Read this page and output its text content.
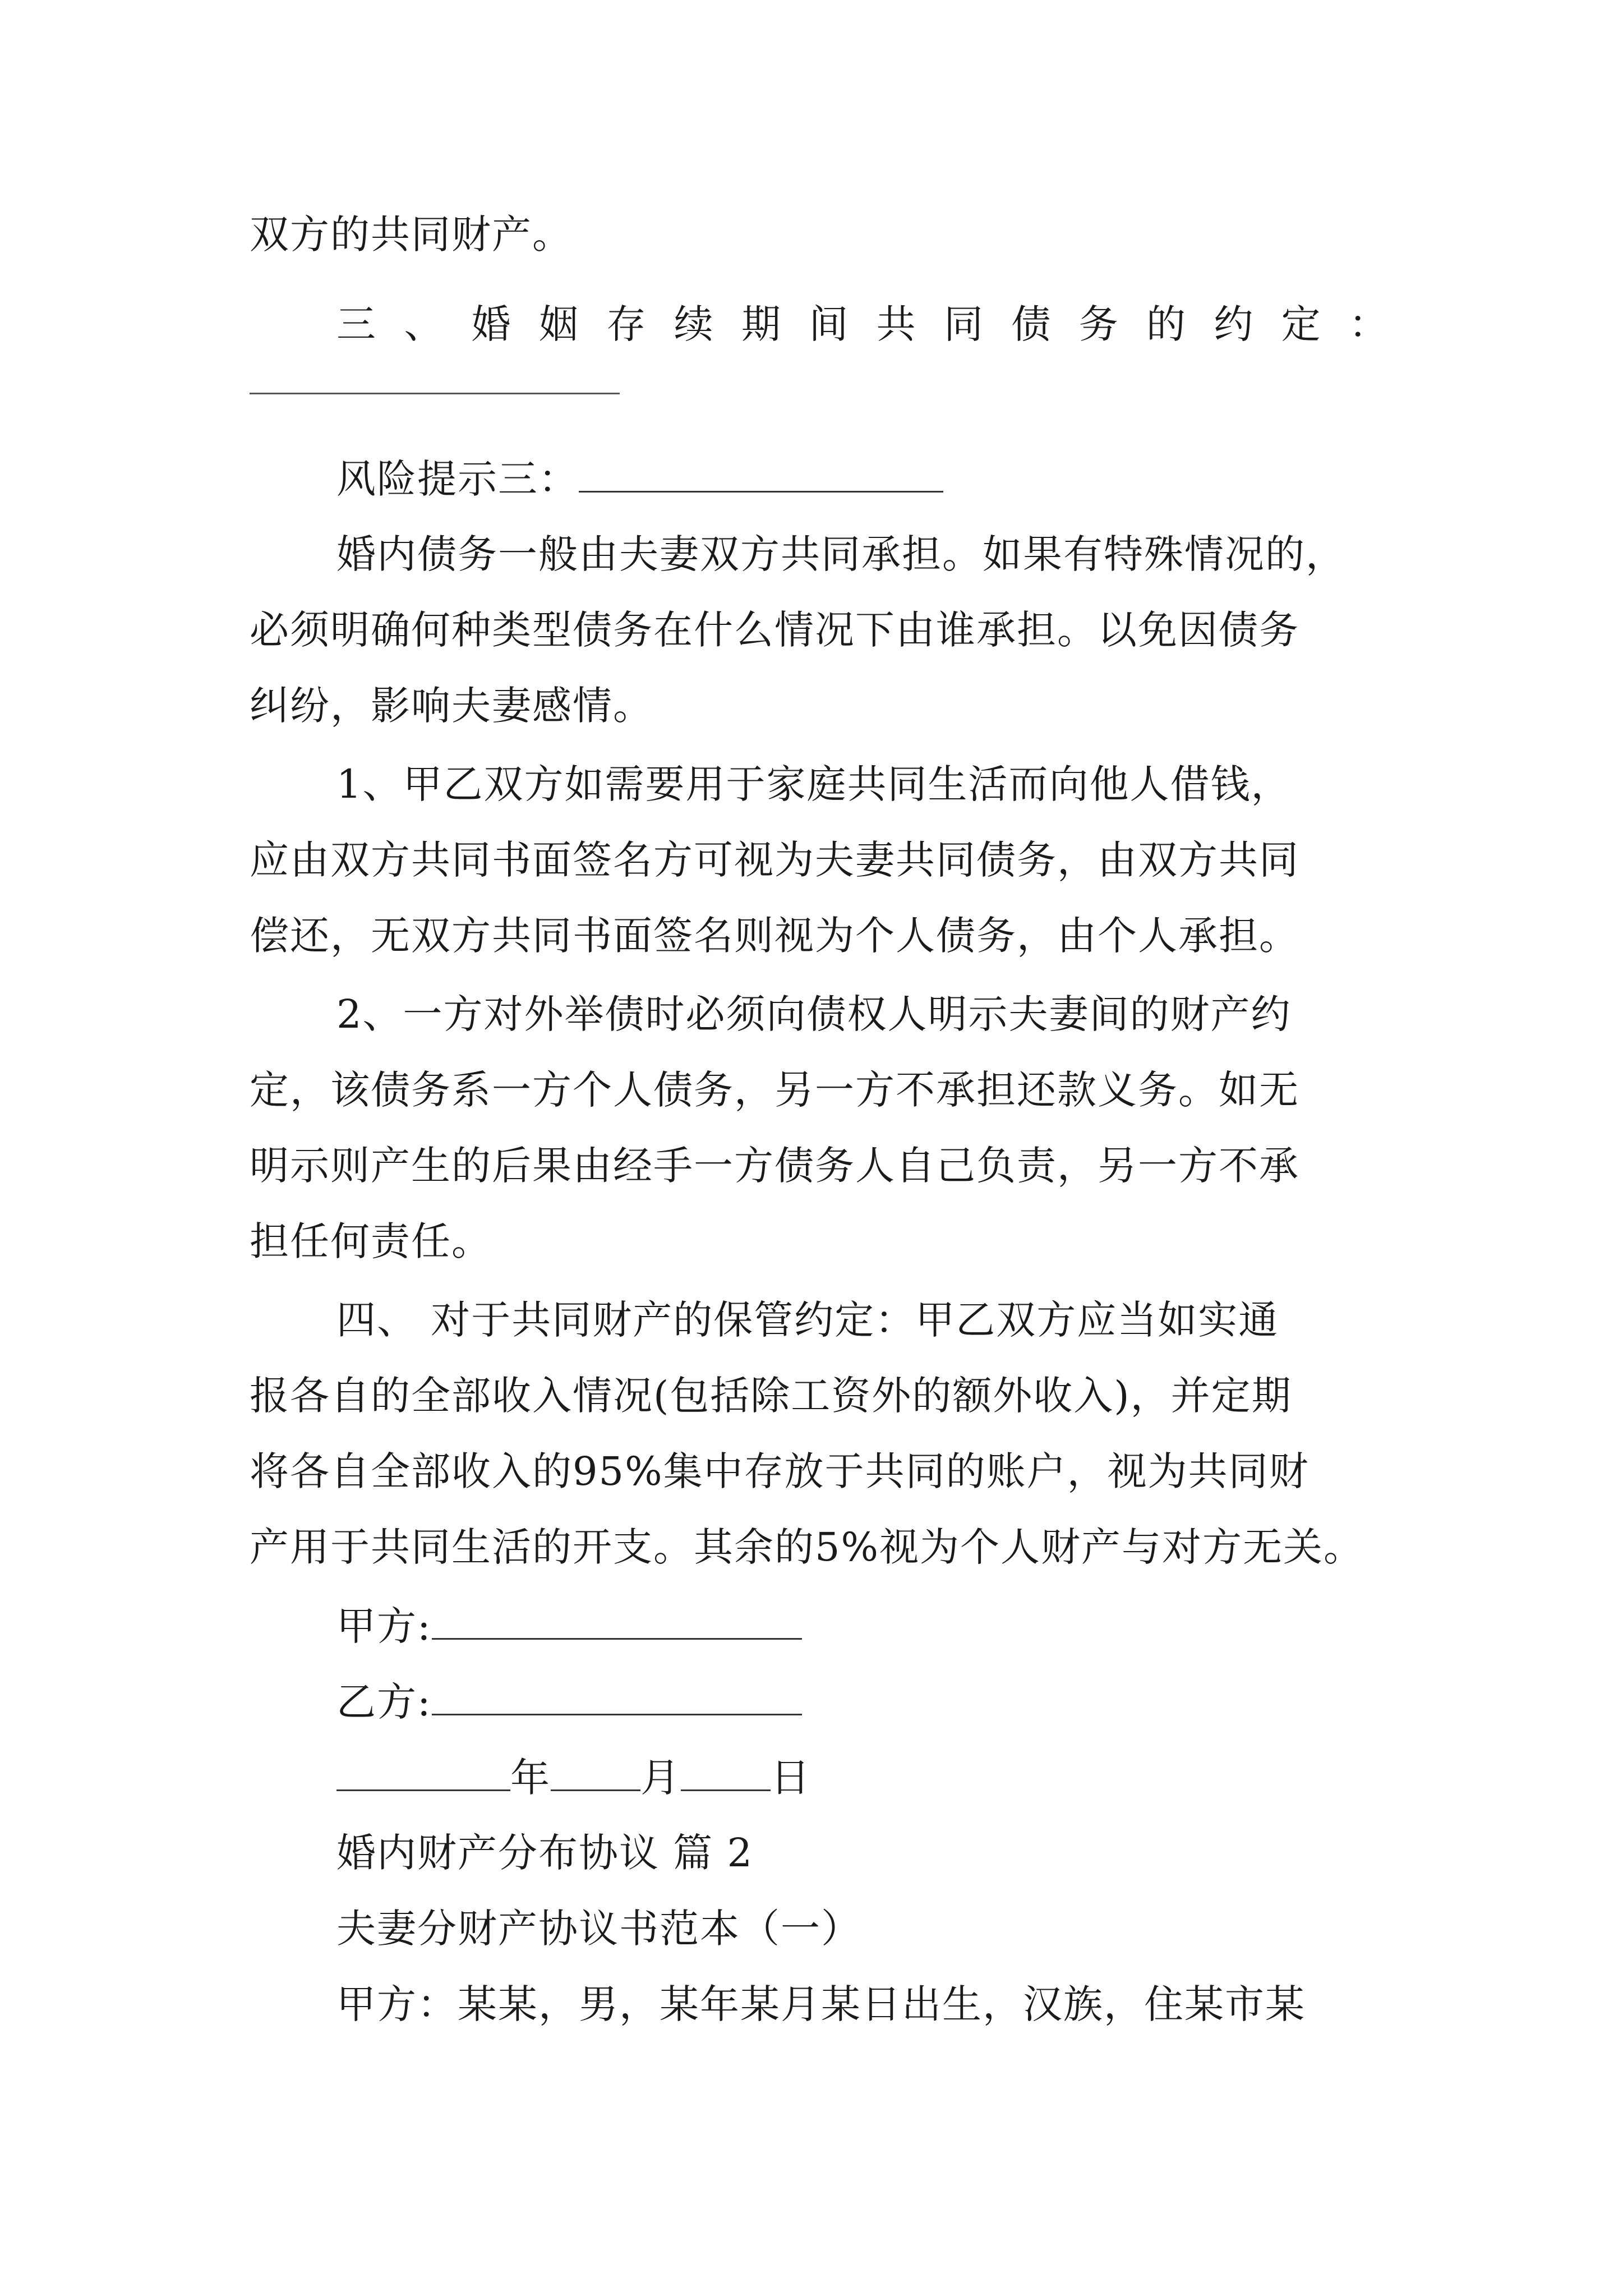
双方的共同财产。
三 、 婚 姻 存 续 期 间 共 同 债 务 的 约 定 ：
风险提示三：
婚内债务一般由夫妻双方共同承担。如果有特殊情况的，
必须明确何种类型债务在什么情况下由谁承担。以免因债务
纠纷，影响夫妻感情。
1、甲乙双方如需要用于家庭共同生活而向他人借钱，
应由双方共同书面签名方可视为夫妻共同债务，由双方共同
偿还，无双方共同书面签名则视为个人债务，由个人承担。
2、一方对外举债时必须向债权人明示夫妻间的财产约
定，该债务系一方个人债务，另一方不承担还款义务。如无
明示则产生的后果由经手一方债务人自己负责，另一方不承
担任何责任。
四、 对于共同财产的保管约定：甲乙双方应当如实通
报各自的全部收入情况(包括除工资外的额外收入)，并定期
将各自全部收入的95%集中存放于共同的账户，视为共同财
产用于共同生活的开支。其余的5%视为个人财产与对方无关。
甲方:
乙方:
年 月 日
婚内财产分布协议 篇 2
夫妻分财产协议书范本（一）
甲方：某某，男，某年某月某日出生，汉族，住某市某
